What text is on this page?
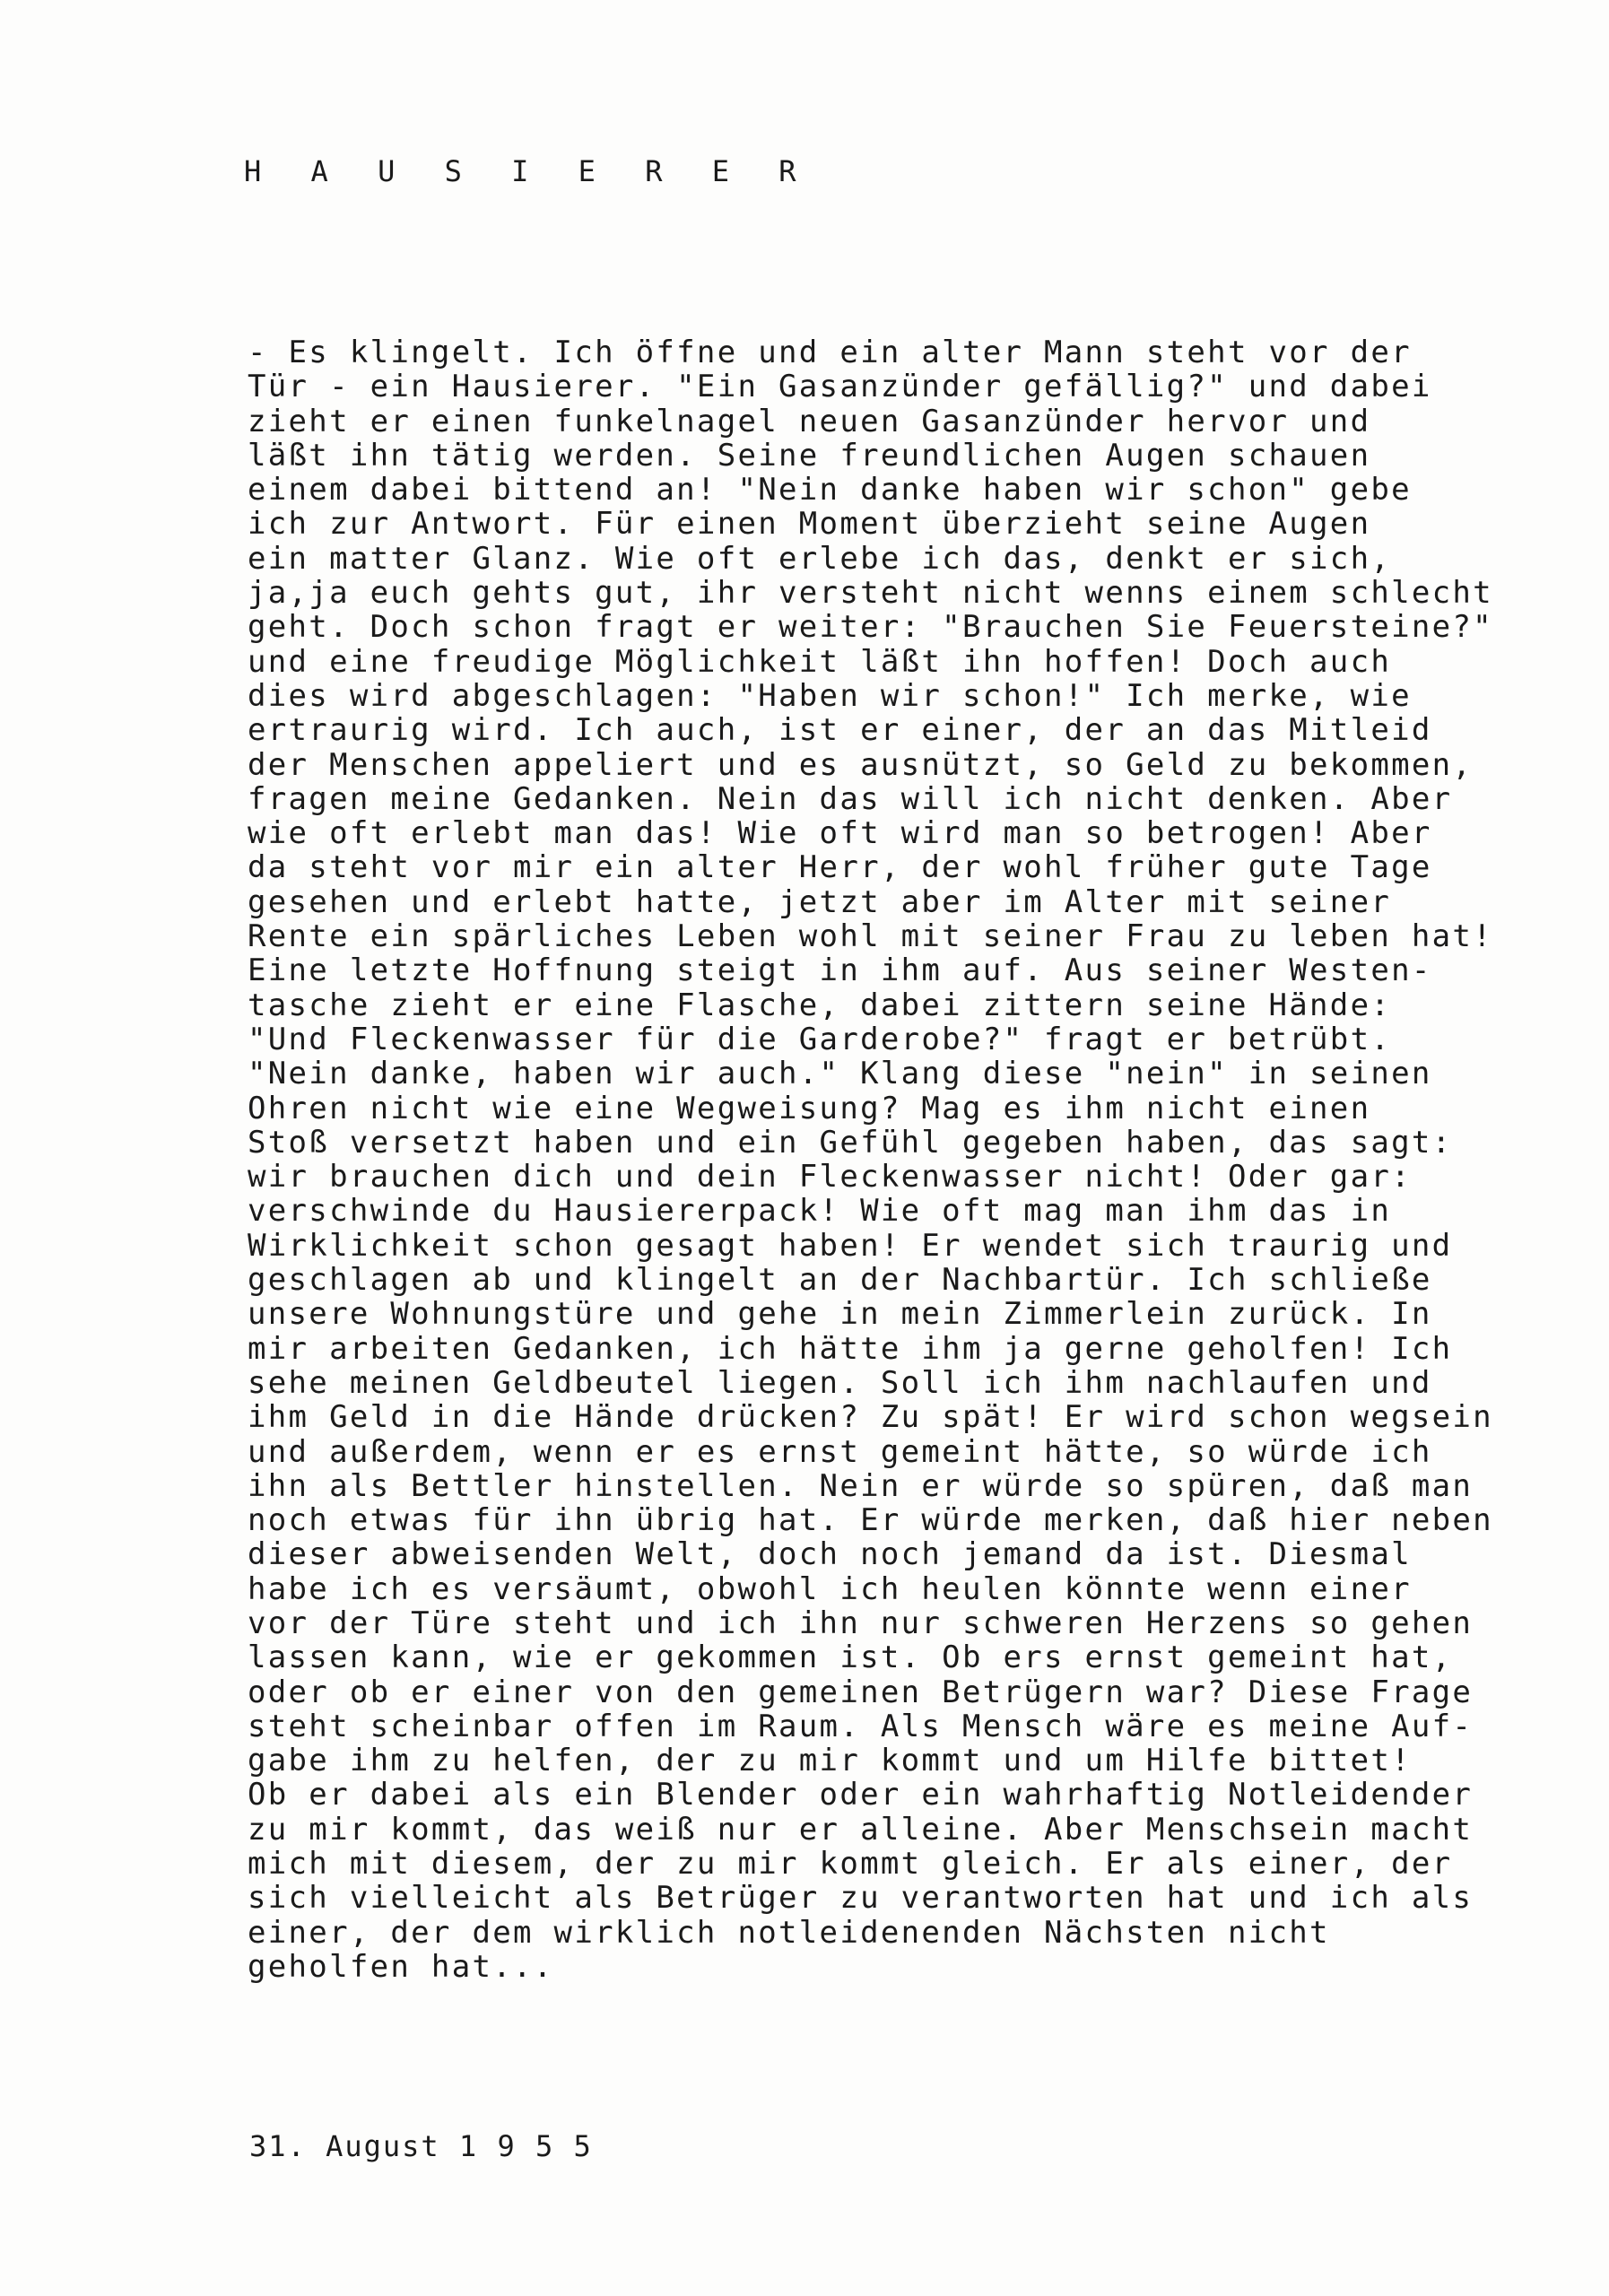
H A U S I E R E R
- Es klingelt. Ich öffne und ein alter Mann steht vor der
Tür - ein Hausierer. "Ein Gasanzünder gefällig?" und dabei
zieht er einen funkelnagel neuen Gasanzünder hervor und
läßt ihn tätig werden. Seine freundlichen Augen schauen
einem dabei bittend an! "Nein danke haben wir schon" gebe
ich zur Antwort. Für einen Moment überzieht seine Augen
ein matter Glanz. Wie oft erlebe ich das, denkt er sich,
ja,ja euch gehts gut, ihr versteht nicht wenns einem schlecht
geht. Doch schon fragt er weiter: "Brauchen Sie Feuersteine?"
und eine freudige Möglichkeit läßt ihn hoffen! Doch auch
dies wird abgeschlagen: "Haben wir schon!" Ich merke, wie
ertraurig wird. Ich auch, ist er einer, der an das Mitleid
der Menschen appeliert und es ausnützt, so Geld zu bekommen,
fragen meine Gedanken. Nein das will ich nicht denken. Aber
wie oft erlebt man das! Wie oft wird man so betrogen! Aber
da steht vor mir ein alter Herr, der wohl früher gute Tage
gesehen und erlebt hatte, jetzt aber im Alter mit seiner
Rente ein spärliches Leben wohl mit seiner Frau zu leben hat!
Eine letzte Hoffnung steigt in ihm auf. Aus seiner Westen-
tasche zieht er eine Flasche, dabei zittern seine Hände:
"Und Fleckenwasser für die Garderobe?" fragt er betrübt.
"Nein danke, haben wir auch." Klang diese "nein" in seinen
Ohren nicht wie eine Wegweisung? Mag es ihm nicht einen
Stoß versetzt haben und ein Gefühl gegeben haben, das sagt:
wir brauchen dich und dein Fleckenwasser nicht! Oder gar:
verschwinde du Hausiererpack! Wie oft mag man ihm das in
Wirklichkeit schon gesagt haben! Er wendet sich traurig und
geschlagen ab und klingelt an der Nachbartür. Ich schließe
unsere Wohnungstüre und gehe in mein Zimmerlein zurück. In
mir arbeiten Gedanken, ich hätte ihm ja gerne geholfen! Ich
sehe meinen Geldbeutel liegen. Soll ich ihm nachlaufen und
ihm Geld in die Hände drücken? Zu spät! Er wird schon wegsein
und außerdem, wenn er es ernst gemeint hätte, so würde ich
ihn als Bettler hinstellen. Nein er würde so spüren, daß man
noch etwas für ihn übrig hat. Er würde merken, daß hier neben
dieser abweisenden Welt, doch noch jemand da ist. Diesmal
habe ich es versäumt, obwohl ich heulen könnte wenn einer
vor der Türe steht und ich ihn nur schweren Herzens so gehen
lassen kann, wie er gekommen ist. Ob ers ernst gemeint hat,
oder ob er einer von den gemeinen Betrügern war? Diese Frage
steht scheinbar offen im Raum. Als Mensch wäre es meine Auf-
gabe ihm zu helfen, der zu mir kommt und um Hilfe bittet!
Ob er dabei als ein Blender oder ein wahrhaftig Notleidender
zu mir kommt, das weiß nur er alleine. Aber Menschsein macht
mich mit diesem, der zu mir kommt gleich. Er als einer, der
sich vielleicht als Betrüger zu verantworten hat und ich als
einer, der dem wirklich notleidenenden Nächsten nicht
geholfen hat...
31. August 1 9 5 5
